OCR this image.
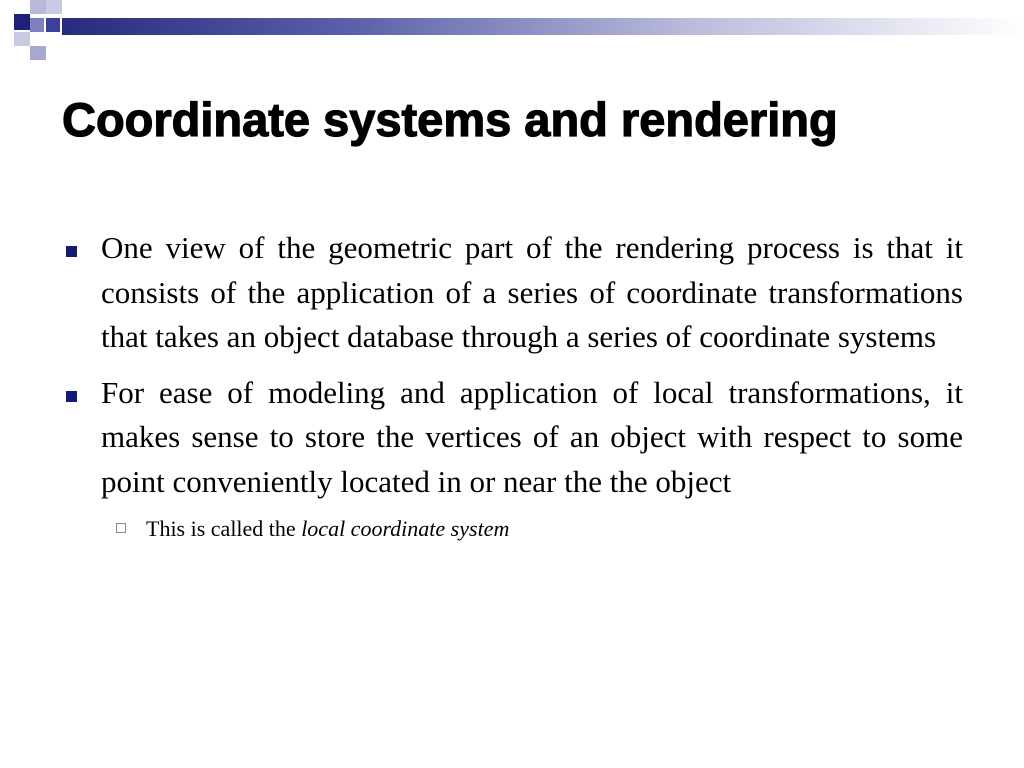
Coordinate systems and rendering
One view of the geometric part of the rendering process is that it consists of the application of a series of coordinate transformations that takes an object database through a series of coordinate systems
For ease of modeling and application of local transformations, it makes sense to store the vertices of an object with respect to some point conveniently located in or near the the object
This is called the local coordinate system
